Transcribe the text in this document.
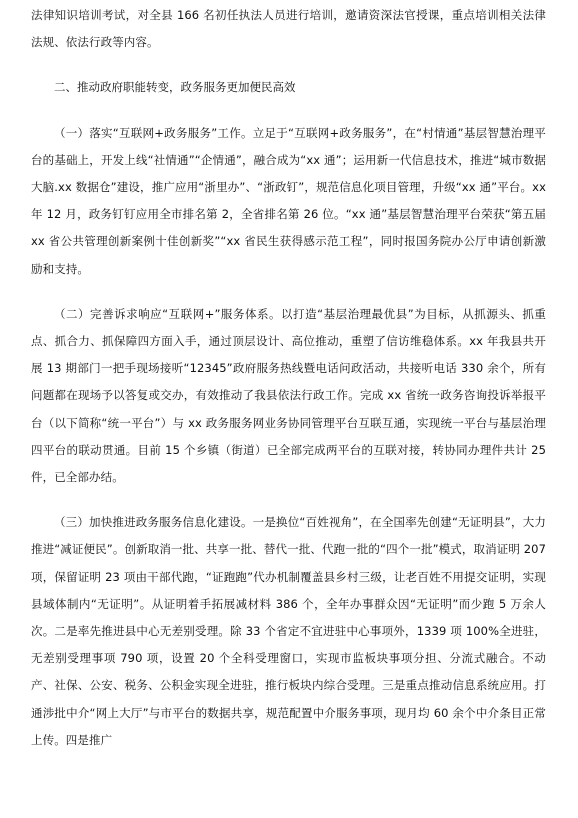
法律知识培训考试，对全县 166 名初任执法人员进行培训，邀请资深法官授课，重点培训相关法律法规、依法行政等内容。

二、推动政府职能转变，政务服务更加便民高效

（一）落实“互联网+政务服务”工作。立足于“互联网+政务服务”，在“村情通”基层智慧治理平台的基础上，开发上线“社情通”“企情通”，融合成为“xx 通”；运用新一代信息技术，推进“城市数据大脑.xx 数据仓”建设，推广应用“浙里办”、“浙政钉”，规范信息化项目管理，升级“xx 通”平台。xx 年 12 月，政务钉钉应用全市排名第 2，全省排名第 26 位。“xx 通”基层智慧治理平台荣获“第五届 xx 省公共管理创新案例十佳创新奖”“xx 省民生获得感示范工程”，同时报国务院办公厅申请创新激励和支持。

（二）完善诉求响应“互联网+”服务体系。以打造“基层治理最优县”为目标，从抓源头、抓重点、抓合力、抓保障四方面入手，通过顶层设计、高位推动，重塑了信访维稳体系。xx 年我县共开展 13 期部门一把手现场接听“12345”政府服务热线暨电话问政活动，共接听电话 330 余个，所有问题都在现场予以答复或交办，有效推动了我县依法行政工作。完成 xx 省统一政务咨询投诉举报平台（以下简称“统一平台”）与 xx 政务服务网业务协同管理平台互联互通，实现统一平台与基层治理四平台的联动贯通。目前 15 个乡镇（街道）已全部完成两平台的互联对接，转协同办理件共计 25 件，已全部办结。

（三）加快推进政务服务信息化建设。一是换位“百姓视角”，在全国率先创建“无证明县”，大力推进“减证便民”。创新取消一批、共享一批、替代一批、代跑一批的“四个一批”模式，取消证明 207 项，保留证明 23 项由干部代跑，“证跑跑”代办机制覆盖县乡村三级，让老百姓不用提交证明，实现县域体制内“无证明”。从证明着手拓展减材料 386 个，全年办事群众因“无证明”而少跑 5 万余人次。二是率先推进县中心无差别受理。除 33 个省定不宜进驻中心事项外，1339 项 100%全进驻，无差别受理事项 790 项，设置 20 个全科受理窗口，实现市监板块事项分担、分流式融合。不动产、社保、公安、税务、公积金实现全进驻，推行板块内综合受理。三是重点推动信息系统应用。打通涉批中介“网上大厅”与市平台的数据共享，规范配置中介服务事项，现月均 60 余个中介条目正常上传。四是推广
